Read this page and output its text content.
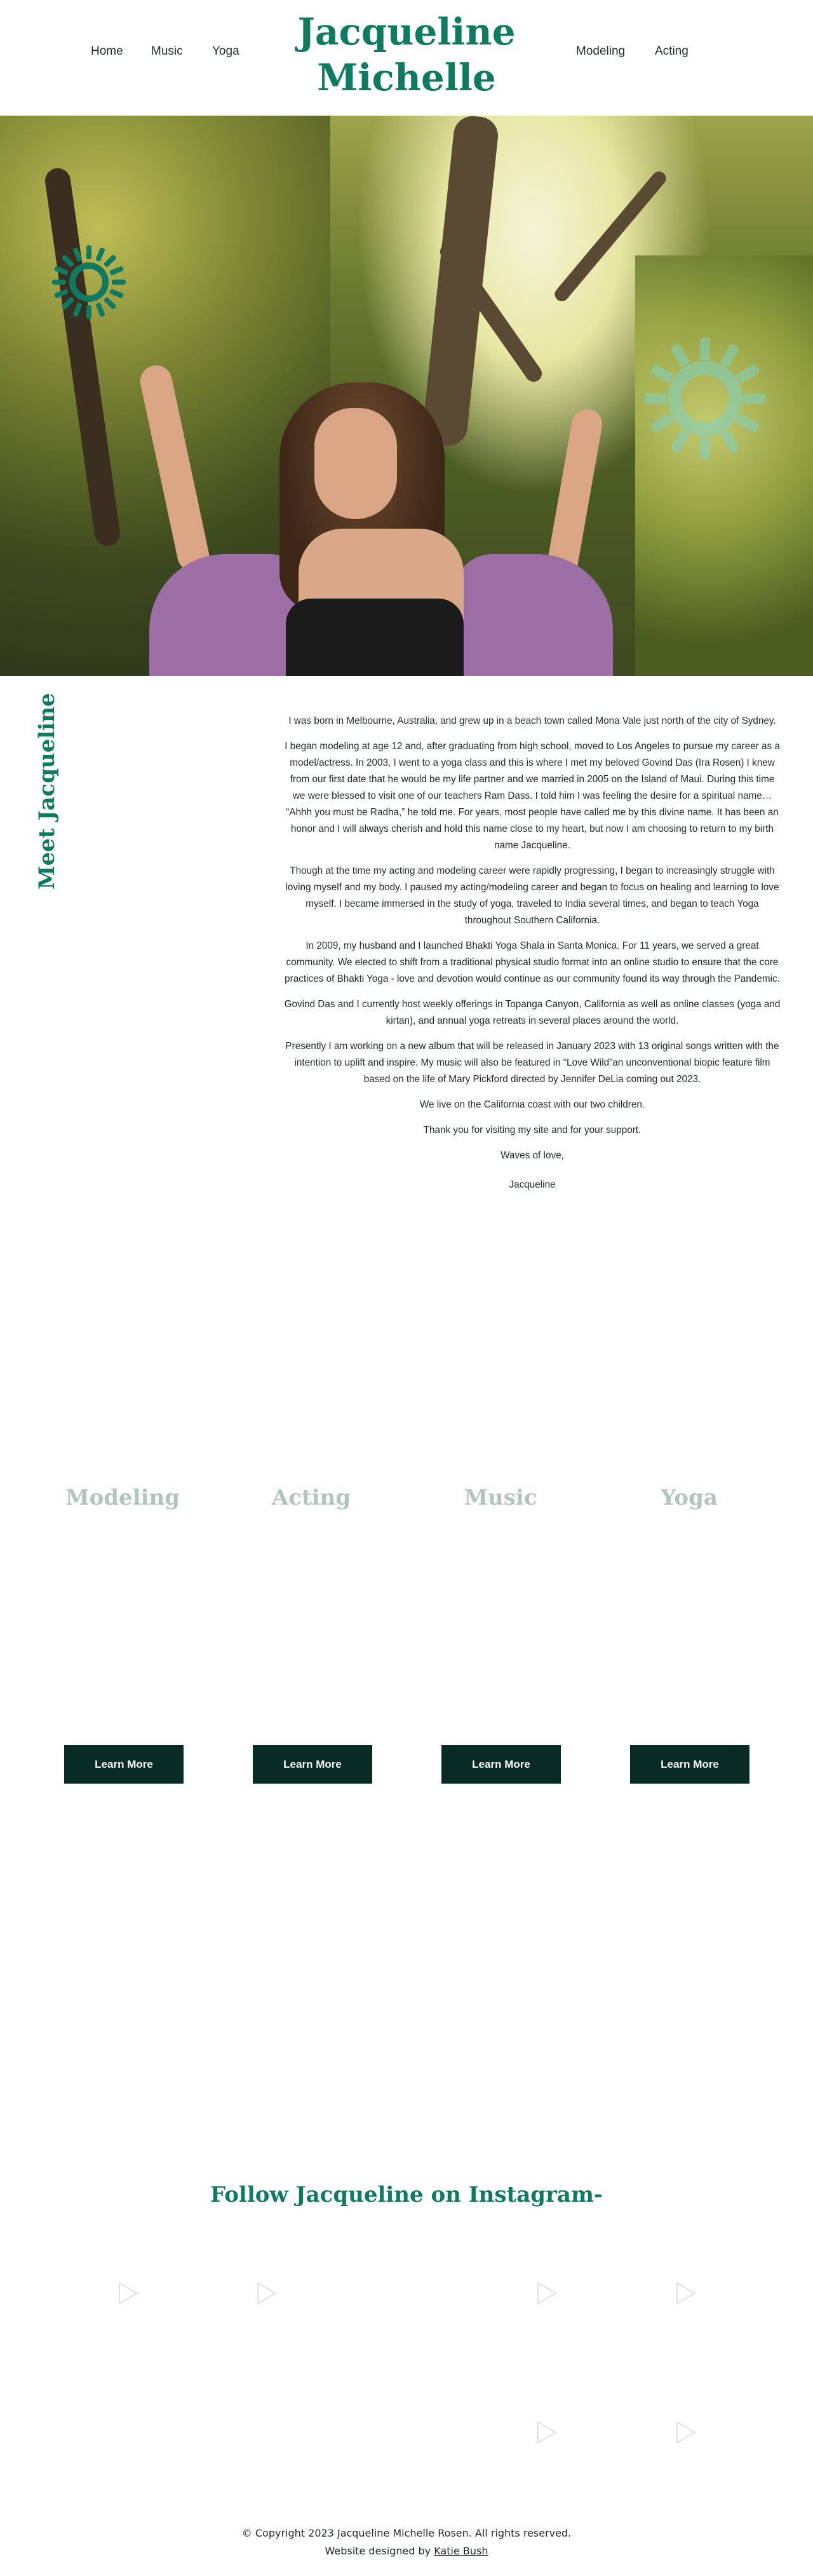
Home Music Yoga	Jacqueline
Michelle
Modeling Acting
Meet Jacqueline	I was born in Melbourne, Australia, and grew up in a beach town called Mona Vale just north of the city of Sydney.

I began modeling at age 12 and, after graduating from high school, moved to Los Angeles to pursue my career as a model/actress. In 2003, I went to a yoga class and this is where I met my beloved Govind Das (Ira Rosen) I knew from our first date that he would be my life partner and we married in 2005 on the Island of Maui. During this time we were blessed to visit one of our teachers Ram Dass. I told him I was feeling the desire for a spiritual name… “Ahhh you must be Radha,” he told me. For years, most people have called me by this divine name. It has been an honor and I will always cherish and hold this name close to my heart, but now I am choosing to return to my birth name Jacqueline.

Though at the time my acting and modeling career were rapidly progressing, I began to increasingly struggle with loving myself and my body. I paused my acting/modeling career and began to focus on healing and learning to love myself. I became immersed in the study of yoga, traveled to India several times, and began to teach Yoga throughout Southern California.

In 2009, my husband and I launched Bhakti Yoga Shala in Santa Monica. For 11 years, we served a great community. We elected to shift from a traditional physical studio format into an online studio to ensure that the core practices of Bhakti Yoga - love and devotion would continue as our community found its way through the Pandemic.

Govind Das and I currently host weekly offerings in Topanga Canyon, California as well as online classes (yoga and kirtan), and annual yoga retreats in several places around the world.

Presently I am working on a new album that will be released in January 2023 with 13 original songs written with the intention to uplift and inspire. My music will also be featured in “Love Wild”an unconventional biopic feature film based on the life of Mary Pickford directed by Jennifer DeLia coming out 2023.

We live on the California coast with our two children.

Thank you for visiting my site and for your support.

Waves of love,

Jacqueline

Modeling	Acting	Music	Yoga
Learn More	Learn More	Learn More	Learn More
Follow Jacqueline on Instagram-
© Copyright 2023 Jacqueline Michelle Rosen. All rights reserved.
Website designed by Katie Bush
